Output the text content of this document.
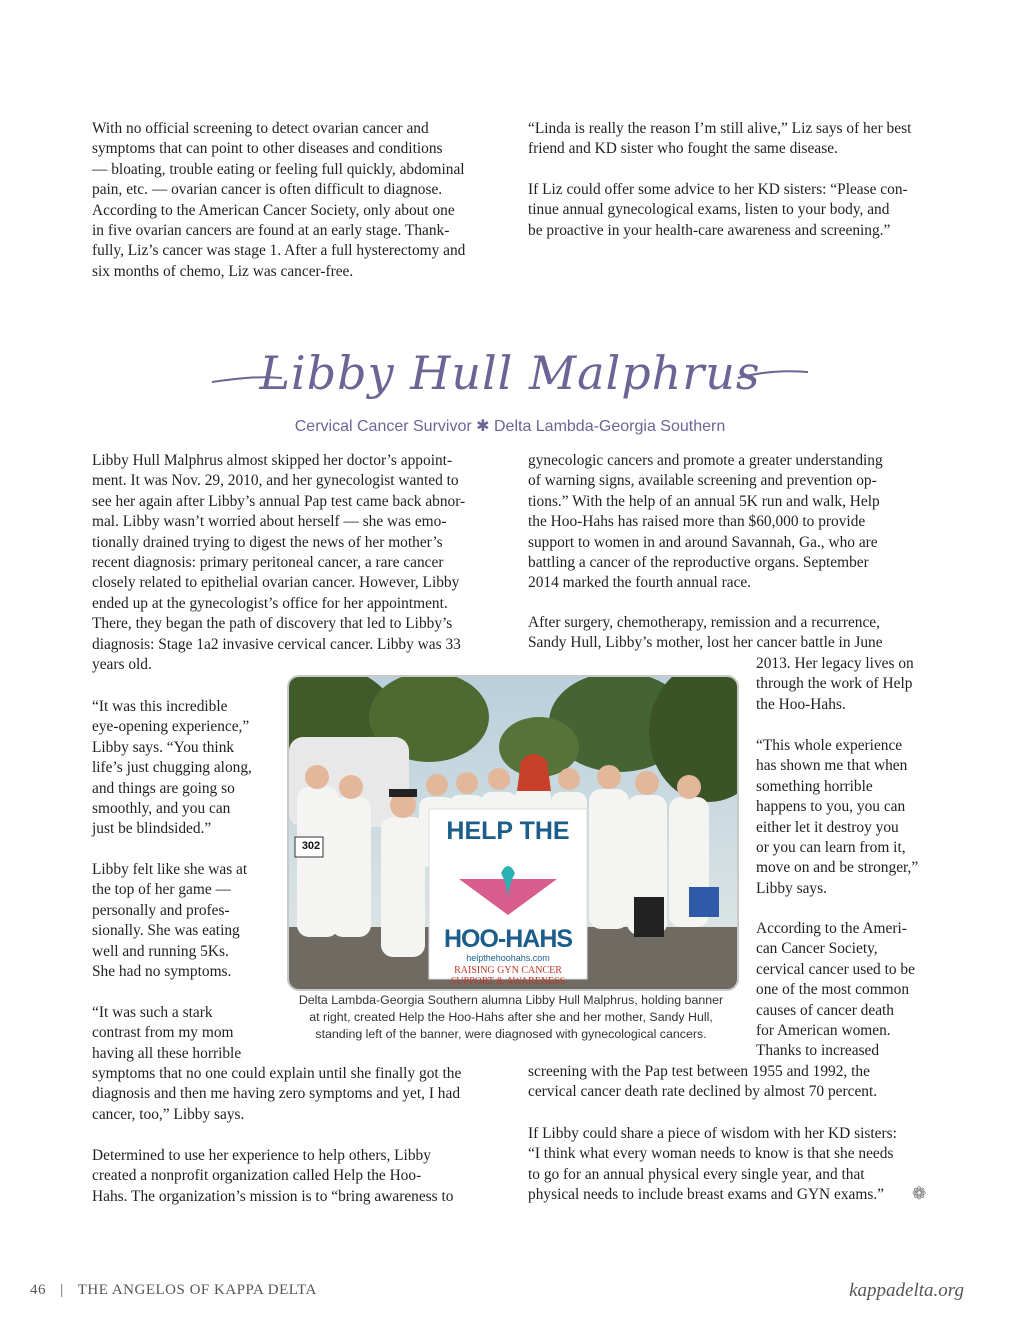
With no official screening to detect ovarian cancer and
symptoms that can point to other diseases and conditions
— bloating, trouble eating or feeling full quickly, abdominal
pain, etc. — ovarian cancer is often difficult to diagnose.
According to the American Cancer Society, only about one
in five ovarian cancers are found at an early stage. Thank-
fully, Liz’s cancer was stage 1. After a full hysterectomy and
six months of chemo, Liz was cancer-free.
“Linda is really the reason I’m still alive,” Liz says of her best
friend and KD sister who fought the same disease.
If Liz could offer some advice to her KD sisters: “Please con-
tinue annual gynecological exams, listen to your body, and
be proactive in your health-care awareness and screening.”
Libby Hull Malphrus
Cervical Cancer Survivor ✱ Delta Lambda-Georgia Southern
Libby Hull Malphrus almost skipped her doctor’s appoint-
ment. It was Nov. 29, 2010, and her gynecologist wanted to
see her again after Libby’s annual Pap test came back abnor-
mal. Libby wasn’t worried about herself — she was emo-
tionally drained trying to digest the news of her mother’s
recent diagnosis: primary peritoneal cancer, a rare cancer
closely related to epithelial ovarian cancer. However, Libby
ended up at the gynecologist’s office for her appointment.
There, they began the path of discovery that led to Libby’s
diagnosis: Stage 1a2 invasive cervical cancer. Libby was 33
years old.
“It was this incredible
eye-opening experience,”
Libby says. “You think
life’s just chugging along,
and things are going so
smoothly, and you can
just be blindsided.”
Libby felt like she was at
the top of her game —
personally and profes-
sionally. She was eating
well and running 5Ks.
She had no symptoms.
“It was such a stark
contrast from my mom
having all these horrible
symptoms that no one could explain until she finally got the
diagnosis and then me having zero symptoms and yet, I had
cancer, too,” Libby says.
Determined to use her experience to help others, Libby
created a nonprofit organization called Help the Hoo-
Hahs. The organization’s mission is to “bring awareness to
gynecologic cancers and promote a greater understanding
of warning signs, available screening and prevention op-
tions.” With the help of an annual 5K run and walk, Help
the Hoo-Hahs has raised more than $60,000 to provide
support to women in and around Savannah, Ga., who are
battling a cancer of the reproductive organs. September
2014 marked the fourth annual race.
After surgery, chemotherapy, remission and a recurrence,
Sandy Hull, Libby’s mother, lost her cancer battle in June
2013. Her legacy lives on
through the work of Help
the Hoo-Hahs.
“This whole experience
has shown me that when
something horrible
happens to you, you can
either let it destroy you
or you can learn from it,
move on and be stronger,”
Libby says.
According to the Ameri-
can Cancer Society,
cervical cancer used to be
one of the most common
causes of cancer death
for American women.
Thanks to increased
screening with the Pap test between 1955 and 1992, the
cervical cancer death rate declined by almost 70 percent.
If Libby could share a piece of wisdom with her KD sisters:
“I think what every woman needs to know is that she needs
to go for an annual physical every single year, and that
physical needs to include breast exams and GYN exams.”	❁
HELP THE
HOO-HAHS
helpthehoohahs.com
RAISING GYN CANCER
SUPPORT & AWARENESS
302
Delta Lambda-Georgia Southern alumna Libby Hull Malphrus, holding banner
at right, created Help the Hoo-Hahs after she and her mother, Sandy Hull,
standing left of the banner, were diagnosed with gynecological cancers.
46 | THE ANGELOS OF KAPPA DELTA	kappadelta.org
